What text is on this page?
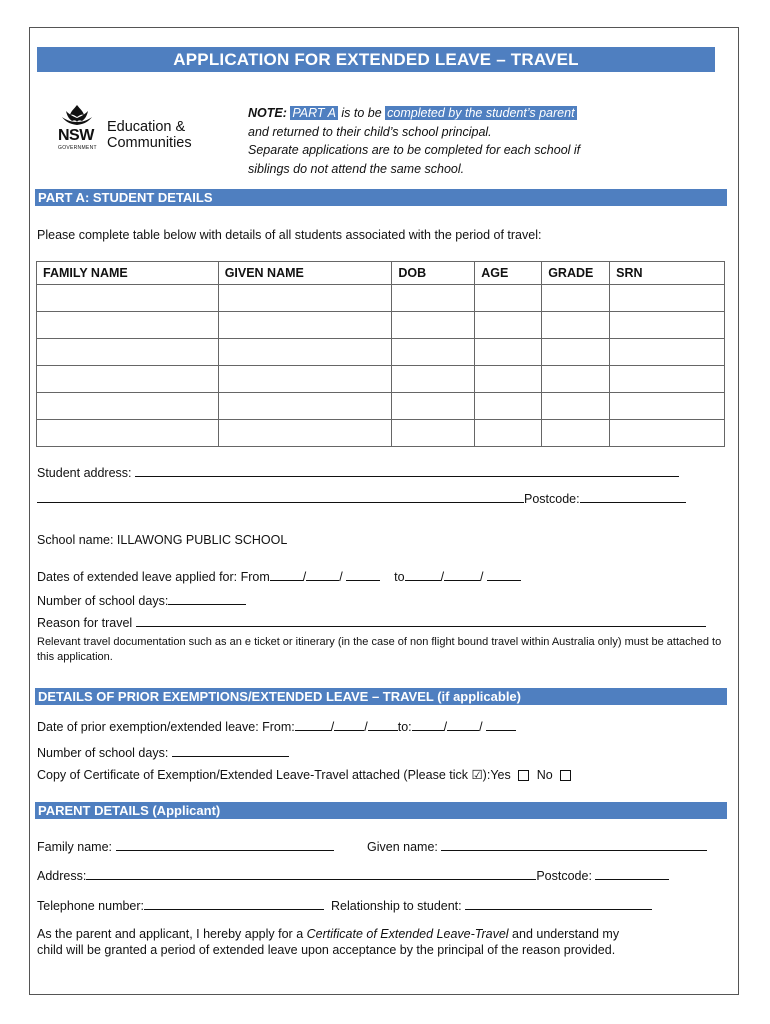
APPLICATION FOR EXTENDED LEAVE – TRAVEL
NSW
GOVERNMENT
Education &
Communities
NOTE: PART A is to be completed by the student’s parent
and returned to their child’s school principal.
Separate applications are to be completed for each school if
siblings do not attend the same school.
PART A: STUDENT DETAILS
Please complete table below with details of all students associated with the period of travel:
FAMILY NAME	GIVEN NAME	DOB	AGE	GRADE	SRN

Student address:
Postcode:
School name: ILLAWONG PUBLIC SCHOOL
Dates of extended leave applied for: From	/	/	to	/	/
Number of school days:
Reason for travel
Relevant travel documentation such as an e ticket or itinerary (in the case of non flight bound travel within Australia only) must be attached to this application.
DETAILS OF PRIOR EXEMPTIONS/EXTENDED LEAVE – TRAVEL (if applicable)
Date of prior exemption/extended leave: From:	/ / to:	/	/
Number of school days:
Copy of Certificate of Exemption/Extended Leave-Travel attached (Please tick ☑):Yes No
PARENT DETAILS (Applicant)
Family name:	Given name:
Address:	Postcode:
Telephone number:	Relationship to student:
As the parent and applicant, I hereby apply for a Certificate of Extended Leave-Travel and understand my
child will be granted a period of extended leave upon acceptance by the principal of the reason provided.
